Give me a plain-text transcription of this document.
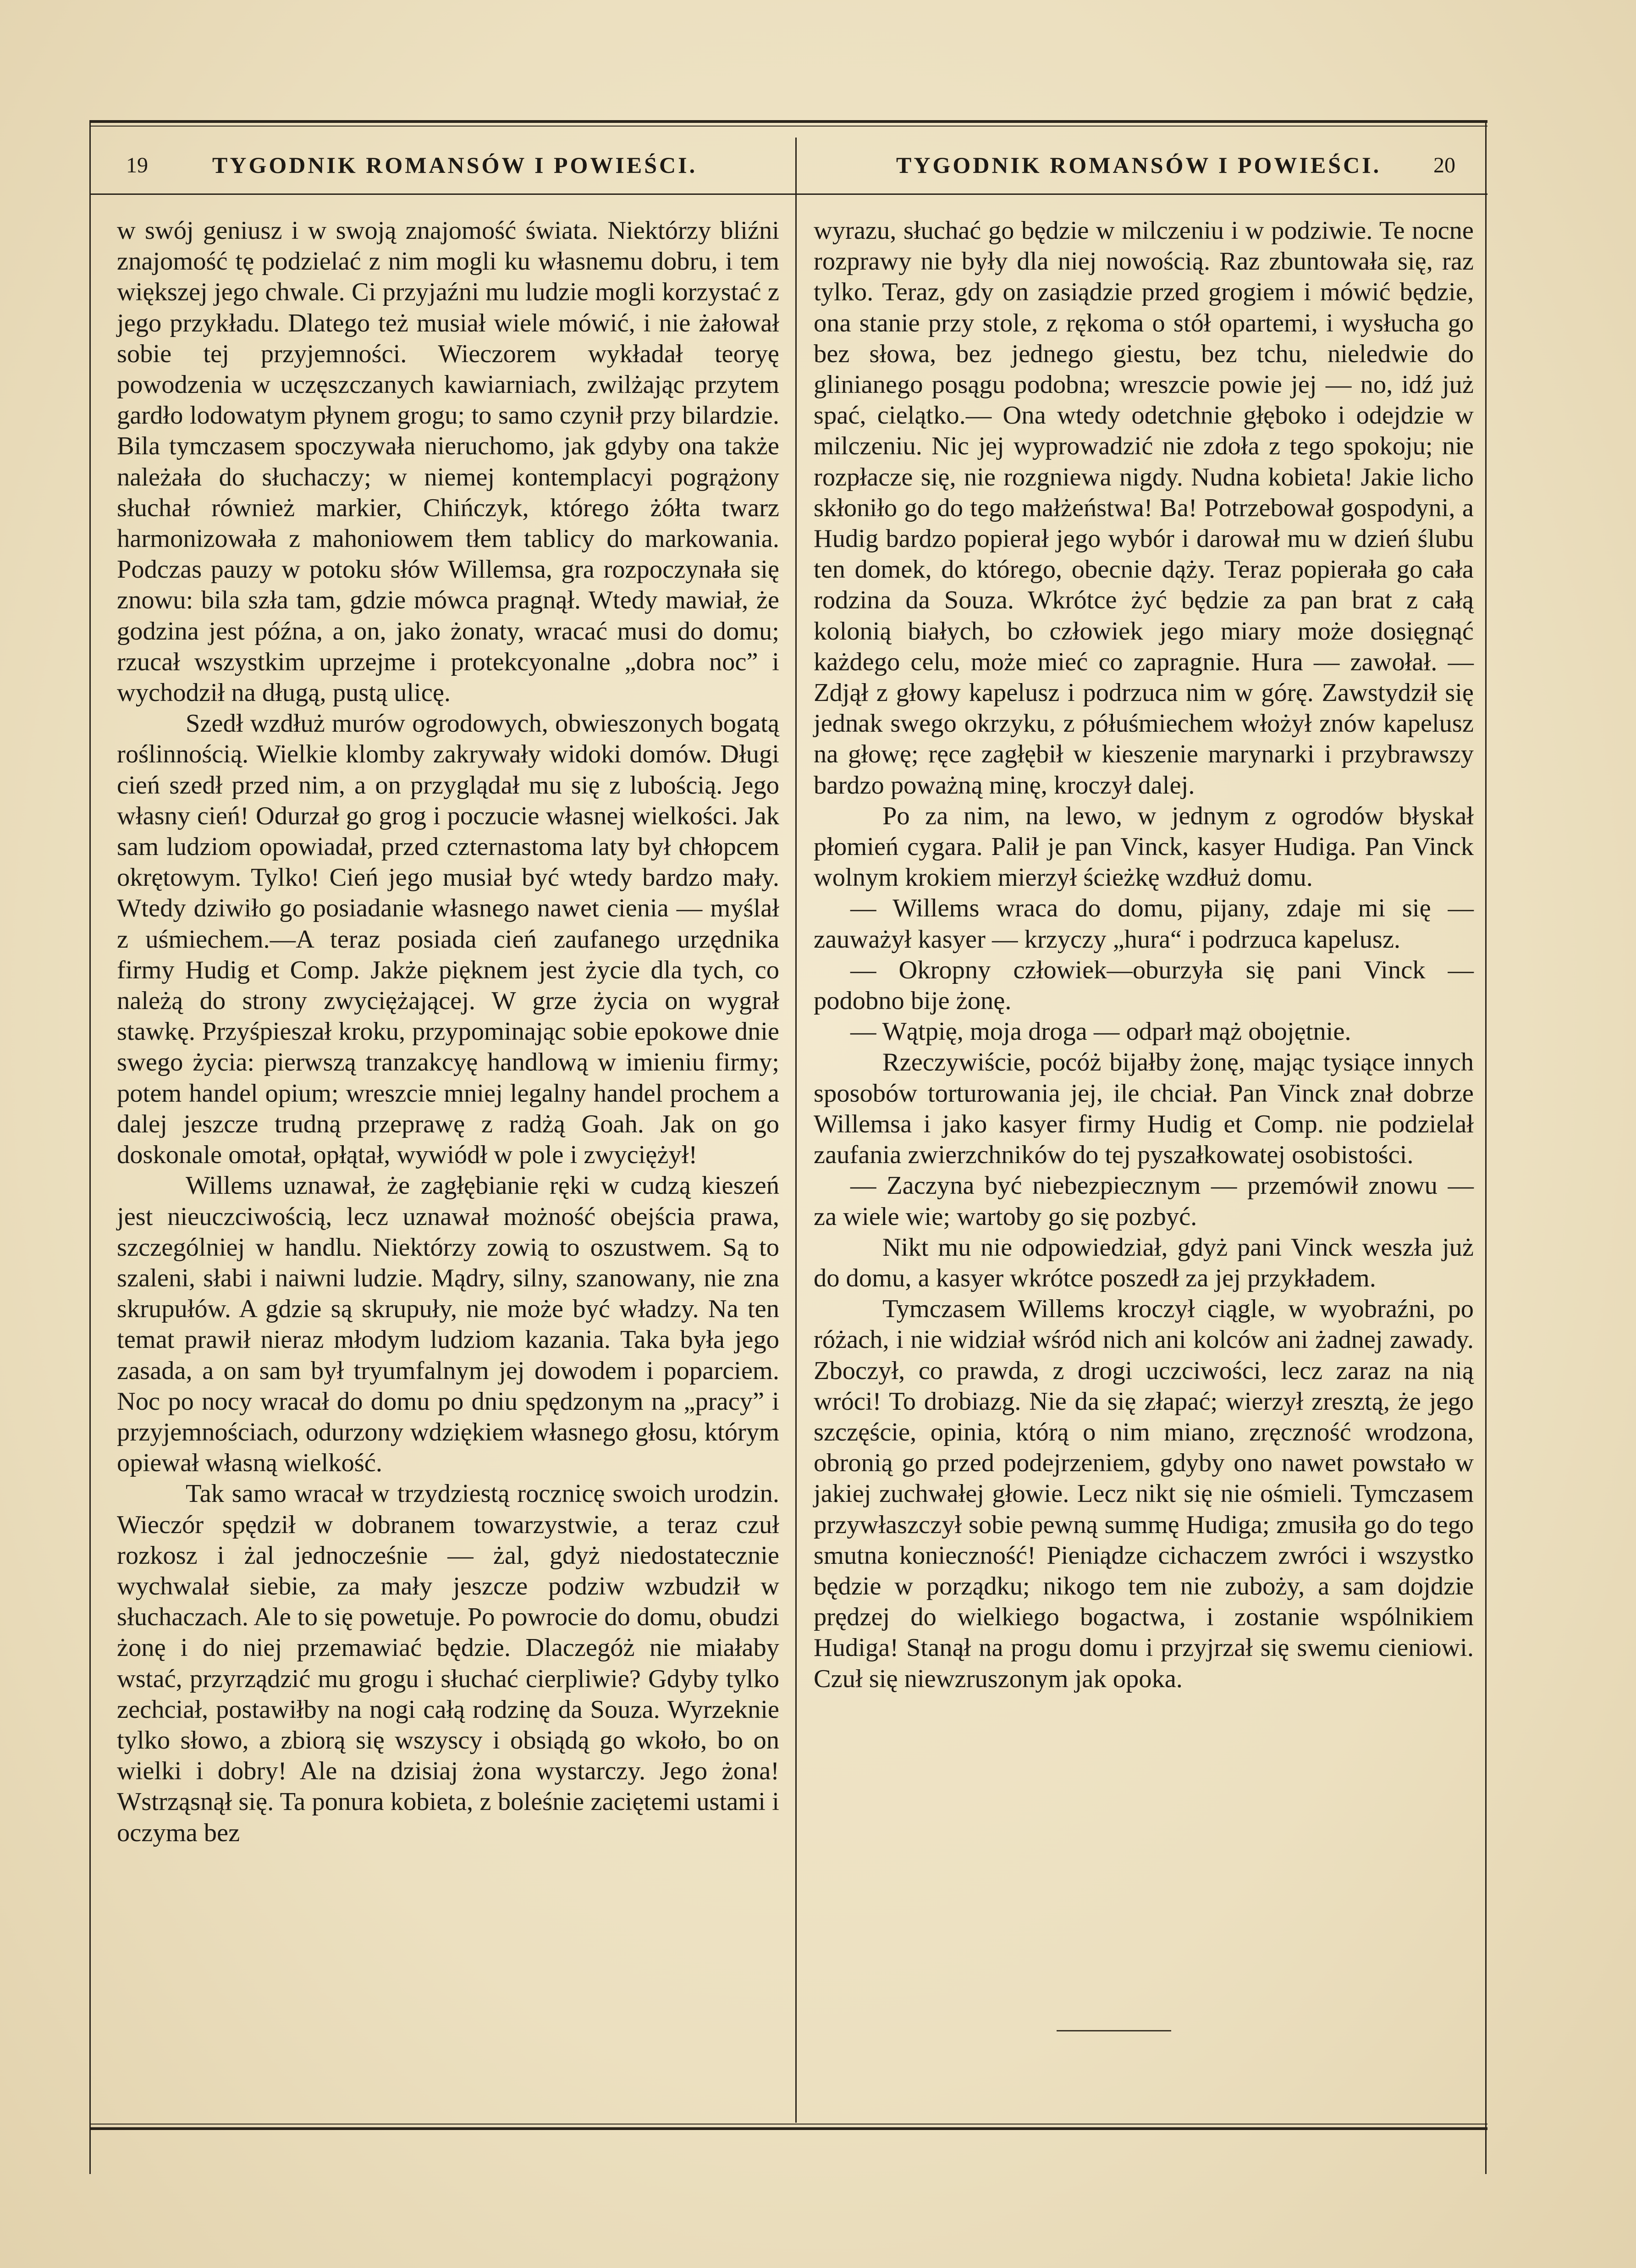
19	TYGODNIK ROMANSÓW I POWIEŚCI.	TYGODNIK ROMANSÓW I POWIEŚCI. 20

w swój geniusz i w swoją znajomość świata. Niektórzy bliźni znajomość tę podzielać z nim mogli ku własnemu dobru, i tem większej jego chwale. Ci przyjaźni mu ludzie mogli korzystać z jego przykładu. Dlatego też musiał wiele mówić, i nie żałował sobie tej przyjemności. Wieczorem wykładał teoryę powodzenia w uczęszczanych kawiarniach, zwilżając przytem gardło lodowatym płynem grogu; to samo czynił przy bilardzie. Bila tymczasem spoczywała nieruchomo, jak gdyby ona także należała do słuchaczy; w niemej kontemplacyi pogrążony słuchał również markier, Chińczyk, którego żółta twarz harmonizowała z mahoniowem tłem tablicy do markowania. Podczas pauzy w potoku słów Willemsa, gra rozpoczynała się znowu: bila szła tam, gdzie mówca pragnął. Wtedy mawiał, że godzina jest późna, a on, jako żonaty, wracać musi do domu; rzucał wszystkim uprzejme i protekcyonalne „dobra noc” i wychodził na długą, pustą ulicę.

Szedł wzdłuż murów ogrodowych, obwieszonych bogatą roślinnością. Wielkie klomby zakrywały widoki domów. Długi cień szedł przed nim, a on przyglądał mu się z lubością. Jego własny cień! Odurzał go grog i poczucie własnej wielkości. Jak sam ludziom opowiadał, przed czternastoma laty był chłopcem okrętowym. Tylko! Cień jego musiał być wtedy bardzo mały. Wtedy dziwiło go posiadanie własnego nawet cienia — myślał z uśmiechem.—A teraz posiada cień zaufanego urzędnika firmy Hudig et Comp. Jakże pięknem jest życie dla tych, co należą do strony zwyciężającej. W grze życia on wygrał stawkę. Przyśpieszał kroku, przypominając sobie epokowe dnie swego życia: pierwszą tranzakcyę handlową w imieniu firmy; potem handel opium; wreszcie mniej legalny handel prochem a dalej jeszcze trudną przeprawę z radżą Goah. Jak on go doskonale omotał, opłątał, wywiódł w pole i zwyciężył!

Willems uznawał, że zagłębianie ręki w cudzą kieszeń jest nieuczciwością, lecz uznawał możność obejścia prawa, szczególniej w handlu. Niektórzy zowią to oszustwem. Są to szaleni, słabi i naiwni ludzie. Mądry, silny, szanowany, nie zna skrupułów. A gdzie są skrupuły, nie może być władzy. Na ten temat prawił nieraz młodym ludziom kazania. Taka była jego zasada, a on sam był tryumfalnym jej dowodem i poparciem. Noc po nocy wracał do domu po dniu spędzonym na „pracy” i przyjemnościach, odurzony wdziękiem własnego głosu, którym opiewał własną wielkość.

Tak samo wracał w trzydziestą rocznicę swoich urodzin. Wieczór spędził w dobranem towarzystwie, a teraz czuł rozkosz i żal jednocześnie — żal, gdyż niedostatecznie wychwalał siebie, za mały jeszcze podziw wzbudził w słuchaczach. Ale to się powetuje. Po powrocie do domu, obudzi żonę i do niej przemawiać będzie. Dlaczegóż nie miałaby wstać, przyrządzić mu grogu i słuchać cierpliwie? Gdyby tylko zechciał, postawiłby na nogi całą rodzinę da Souza. Wyrzeknie tylko słowo, a zbiorą się wszyscy i obsiądą go wkoło, bo on wielki i dobry! Ale na dzisiaj żona wystarczy. Jego żona! Wstrząsnął się. Ta ponura kobieta, z boleśnie zaciętemi ustami i oczyma bez

wyrazu, słuchać go będzie w milczeniu i w podziwie. Te nocne rozprawy nie były dla niej nowością. Raz zbuntowała się, raz tylko. Teraz, gdy on zasiądzie przed grogiem i mówić będzie, ona stanie przy stole, z rękoma o stół opartemi, i wysłucha go bez słowa, bez jednego giestu, bez tchu, nieledwie do glinianego posągu podobna; wreszcie powie jej — no, idź już spać, cielątko.— Ona wtedy odetchnie głęboko i odejdzie w milczeniu. Nic jej wyprowadzić nie zdoła z tego spokoju; nie rozpłacze się, nie rozgniewa nigdy. Nudna kobieta! Jakie licho skłoniło go do tego małżeństwa! Ba! Potrzebował gospodyni, a Hudig bardzo popierał jego wybór i darował mu w dzień ślubu ten domek, do którego, obecnie dąży. Teraz popierała go cała rodzina da Souza. Wkrótce żyć będzie za pan brat z całą kolonią białych, bo człowiek jego miary może dosięgnąć każdego celu, może mieć co zapragnie. Hura — zawołał. — Zdjął z głowy kapelusz i podrzuca nim w górę. Zawstydził się jednak swego okrzyku, z półuśmiechem włożył znów kapelusz na głowę; ręce zagłębił w kieszenie marynarki i przybrawszy bardzo poważną minę, kroczył dalej.

Po za nim, na lewo, w jednym z ogrodów błyskał płomień cygara. Palił je pan Vinck, kasyer Hudiga. Pan Vinck wolnym krokiem mierzył ścieżkę wzdłuż domu.

— Willems wraca do domu, pijany, zdaje mi się — zauważył kasyer — krzyczy „hura“ i podrzuca kapelusz.

— Okropny człowiek—oburzyła się pani Vinck — podobno bije żonę.

— Wątpię, moja droga — odparł mąż obojętnie.

Rzeczywiście, pocóż bijałby żonę, mając tysiące innych sposobów torturowania jej, ile chciał. Pan Vinck znał dobrze Willemsa i jako kasyer firmy Hudig et Comp. nie podzielał zaufania zwierzchników do tej pyszałkowatej osobistości.

— Zaczyna być niebezpiecznym — przemówił znowu — za wiele wie; wartoby go się pozbyć.

Nikt mu nie odpowiedział, gdyż pani Vinck weszła już do domu, a kasyer wkrótce poszedł za jej przykładem.

Tymczasem Willems kroczył ciągle, w wyobraźni, po różach, i nie widział wśród nich ani kolców ani żadnej zawady. Zboczył, co prawda, z drogi uczciwości, lecz zaraz na nią wróci! To drobiazg. Nie da się złapać; wierzył zresztą, że jego szczęście, opinia, którą o nim miano, zręczność wrodzona, obronią go przed podejrzeniem, gdyby ono nawet powstało w jakiej zuchwałej głowie. Lecz nikt się nie ośmieli. Tymczasem przywłaszczył sobie pewną summę Hudiga; zmusiła go do tego smutna konieczność! Pieniądze cichaczem zwróci i wszystko będzie w porządku; nikogo tem nie zuboży, a sam dojdzie prędzej do wielkiego bogactwa, i zostanie wspólnikiem Hudiga! Stanął na progu domu i przyjrzał się swemu cieniowi. Czuł się niewzruszonym jak opoka.
